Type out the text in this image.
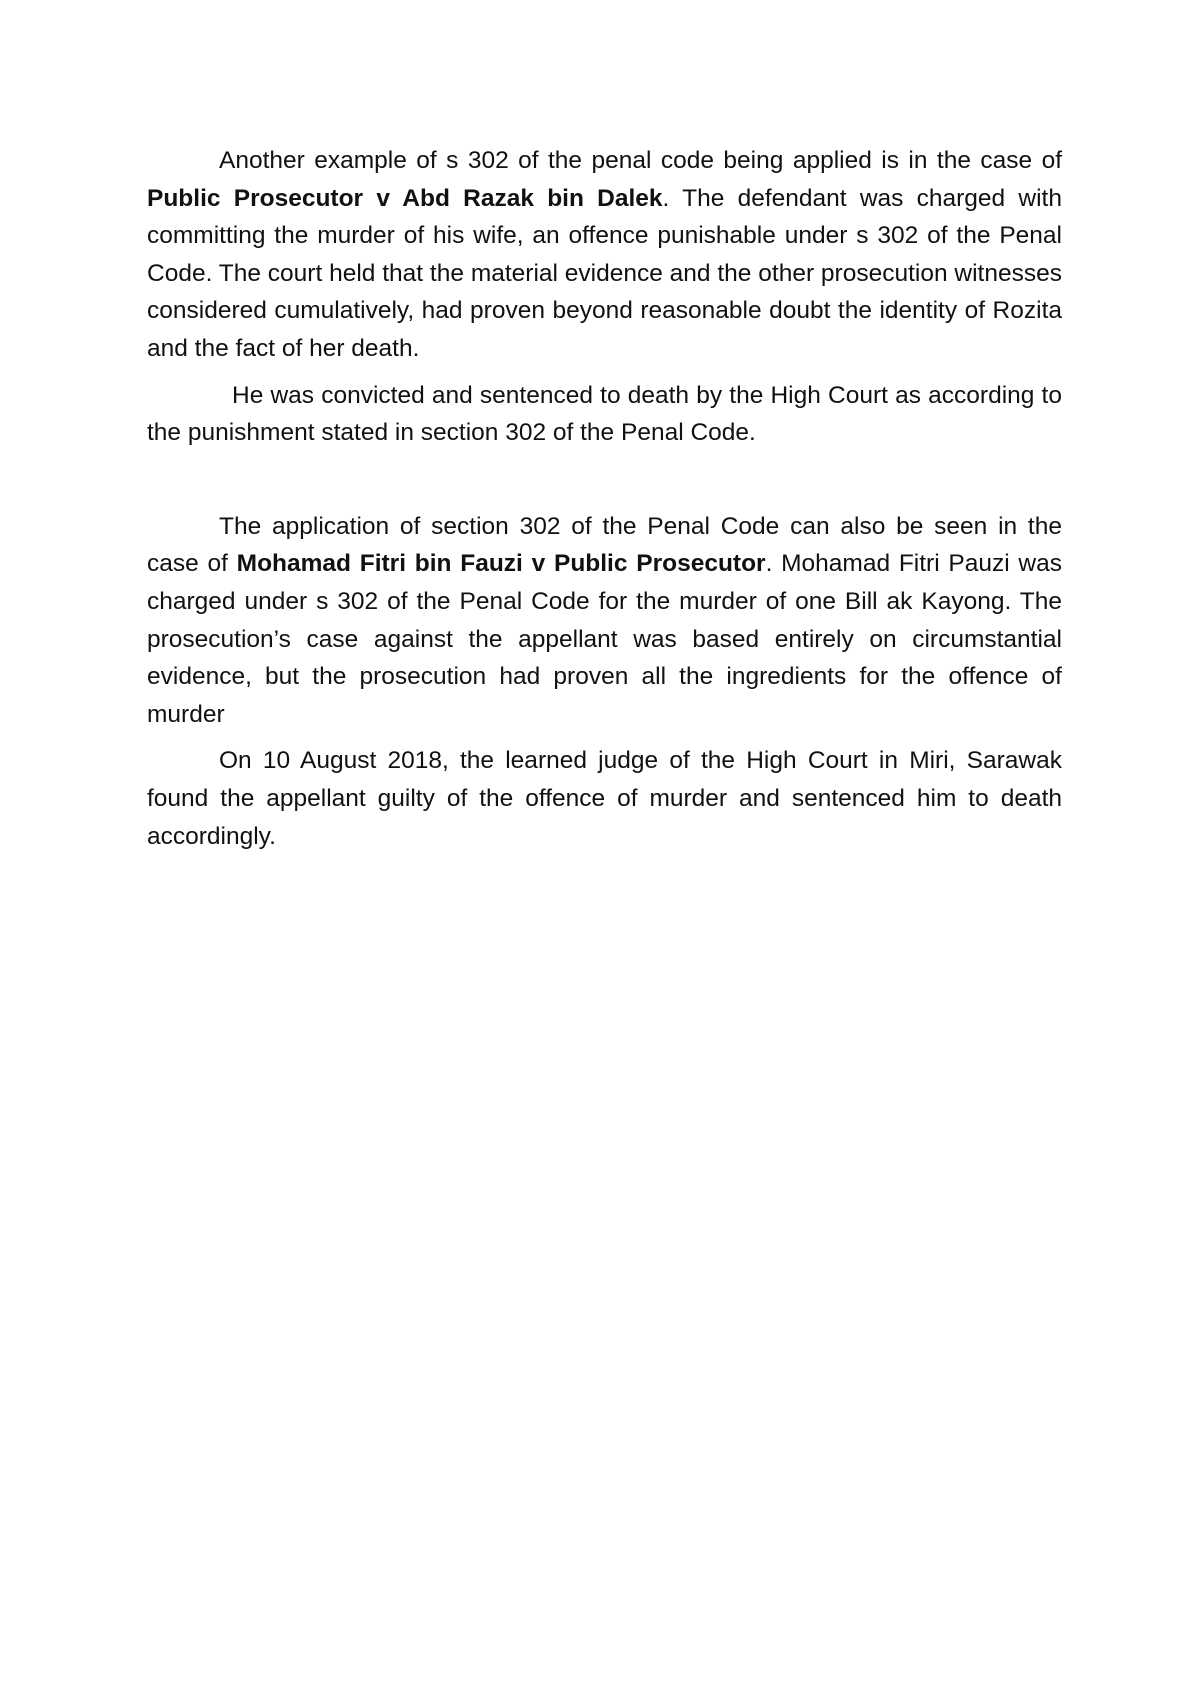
Another example of s 302 of the penal code being applied is in the case of Public Prosecutor v Abd Razak bin Dalek. The defendant was charged with committing the murder of his wife, an offence punishable under s 302 of the Penal Code. The court held that the material evidence and the other prosecution witnesses considered cumulatively, had proven beyond reasonable doubt the identity of Rozita and the fact of her death.

He was convicted and sentenced to death by the High Court as according to the punishment stated in section 302 of the Penal Code.

The application of section 302 of the Penal Code can also be seen in the case of Mohamad Fitri bin Fauzi v Public Prosecutor. Mohamad Fitri Pauzi was charged under s 302 of the Penal Code for the murder of one Bill ak Kayong. The prosecution’s case against the appellant was based entirely on circumstantial evidence, but the prosecution had proven all the ingredients for the offence of murder

On 10 August 2018, the learned judge of the High Court in Miri, Sarawak found the appellant guilty of the offence of murder and sentenced him to death accordingly.
